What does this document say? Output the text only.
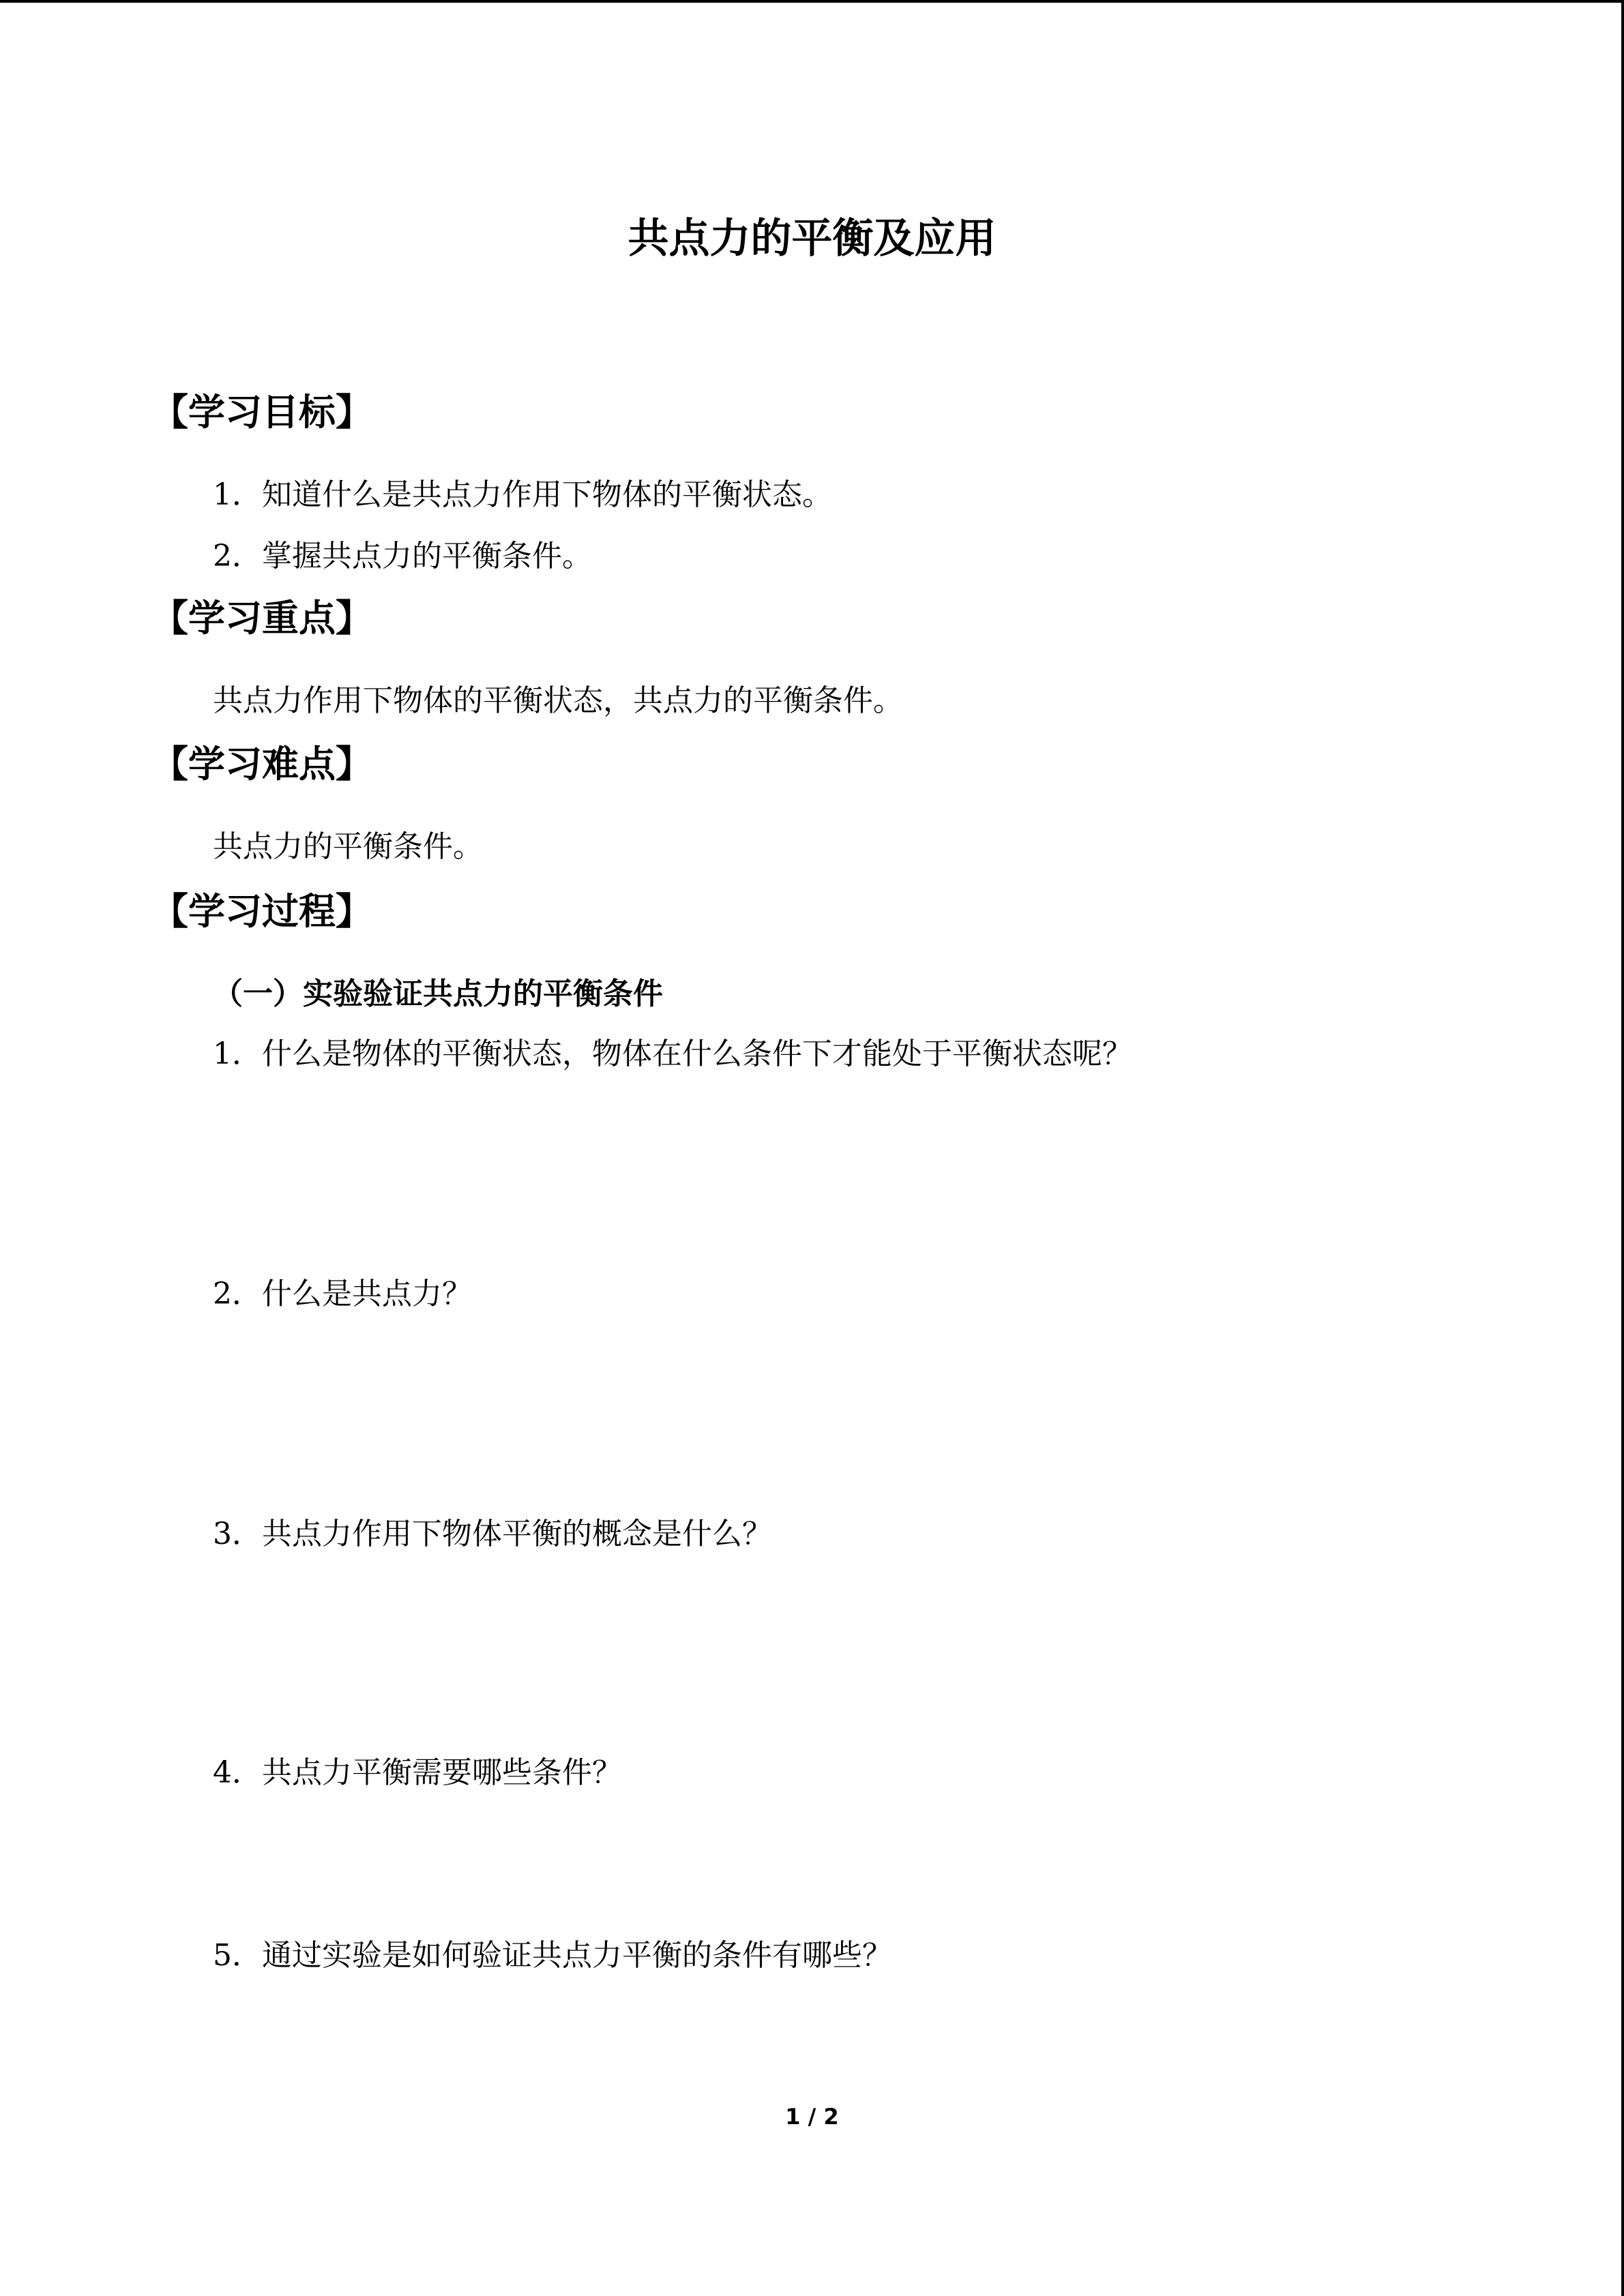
共点力的平衡及应用
【学习目标】
1．知道什么是共点力作用下物体的平衡状态。
2．掌握共点力的平衡条件。
【学习重点】
共点力作用下物体的平衡状态，共点力的平衡条件。
【学习难点】
共点力的平衡条件。
【学习过程】
（一）实验验证共点力的平衡条件
1．什么是物体的平衡状态，物体在什么条件下才能处于平衡状态呢？
2．什么是共点力？
3．共点力作用下物体平衡的概念是什么？
4．共点力平衡需要哪些条件？
5．通过实验是如何验证共点力平衡的条件有哪些？
1 / 2
